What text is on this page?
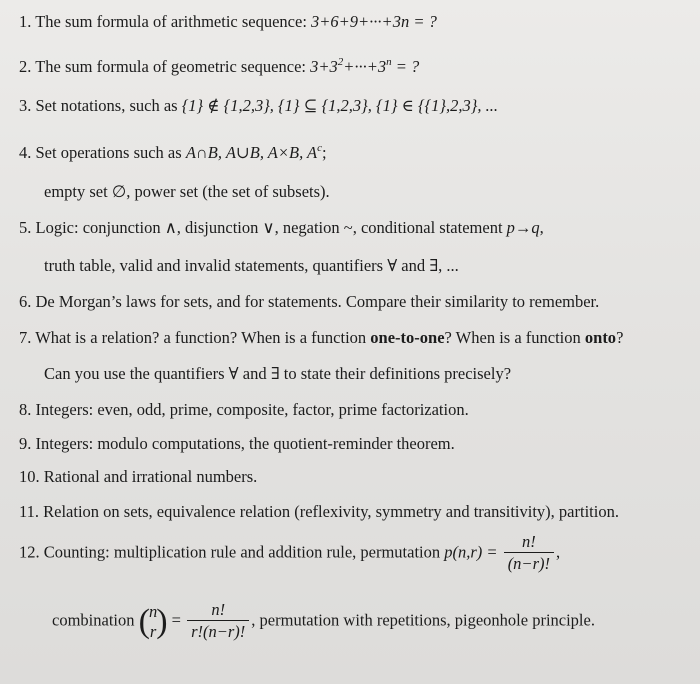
1. The sum formula of arithmetic sequence: 3+6+9+···+3n = ?
2. The sum formula of geometric sequence: $3+3^2+\cdot\cdot\cdot+3^n$ = ?
3. Set notations, such as {1} ∉ {1,2,3}, {1} ⊆ {1,2,3}, {1} ∈ {{1},2,3}, ...
4. Set operations such as A∩B, A∪B, A×B, $A^c$;
empty set ∅, power set (the set of subsets).
5. Logic: conjunction ∧, disjunction ∨, negation ~, conditional statement p→q,
truth table, valid and invalid statements, quantifiers ∀ and ∃, ...
6. De Morgan’s laws for sets, and for statements. Compare their similarity to remember.
7. What is a relation? a function? When is a function one-to-one? When is a function onto?
Can you use the quantifiers ∀ and ∃ to state their definitions precisely?
8. Integers: even, odd, prime, composite, factor, prime factorization.
9. Integers: modulo computations, the quotient-reminder theorem.
10. Rational and irrational numbers.
11. Relation on sets, equivalence relation (reflexivity, symmetry and transitivity), partition.
12. Counting: multiplication rule and addition rule, permutation $p(n,r) = \frac{n!}{(n-r)!}$ ,
combination ( n
r ) = $\frac{n!}{r!(n-r)!}$ , permutation with repetitions, pigeonhole principle.
